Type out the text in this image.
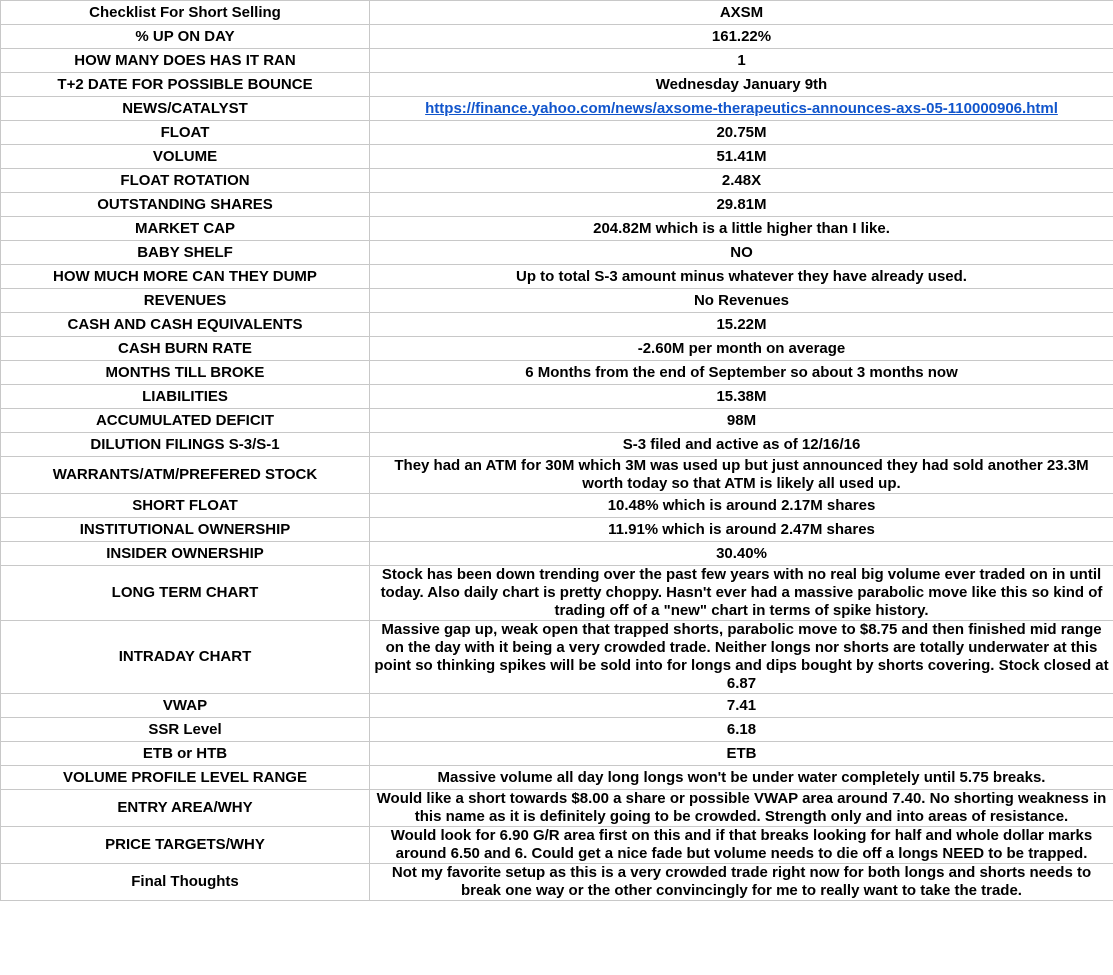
Checklist For Short Selling	AXSM
% UP ON DAY	161.22%
HOW MANY DOES HAS IT RAN	1
T+2 DATE FOR POSSIBLE BOUNCE	Wednesday January 9th
NEWS/CATALYST	https://finance.yahoo.com/news/axsome-therapeutics-announces-axs-05-110000906.html
FLOAT	20.75M
VOLUME	51.41M
FLOAT ROTATION	2.48X
OUTSTANDING SHARES	29.81M
MARKET CAP	204.82M which is a little higher than I like.
BABY SHELF	NO
HOW MUCH MORE CAN THEY DUMP	Up to total S-3 amount minus whatever they have already used.
REVENUES	No Revenues
CASH AND CASH EQUIVALENTS	15.22M
CASH BURN RATE	-2.60M per month on average
MONTHS TILL BROKE	6 Months from the end of September so about 3 months now
LIABILITIES	15.38M
ACCUMULATED DEFICIT	98M
DILUTION FILINGS S-3/S-1	S-3 filed and active as of 12/16/16
WARRANTS/ATM/PREFERED STOCK	They had an ATM for 30M which 3M was used up but just announced they had sold another 23.3M worth today so that ATM is likely all used up.
SHORT FLOAT	10.48% which is around 2.17M shares
INSTITUTIONAL OWNERSHIP	11.91% which is around 2.47M shares
INSIDER OWNERSHIP	30.40%
LONG TERM CHART	Stock has been down trending over the past few years with no real big volume ever traded on in until today. Also daily chart is pretty choppy. Hasn't ever had a massive parabolic move like this so kind of trading off of a "new" chart in terms of spike history.
INTRADAY CHART	Massive gap up, weak open that trapped shorts, parabolic move to $8.75 and then finished mid range on the day with it being a very crowded trade. Neither longs nor shorts are totally underwater at this point so thinking spikes will be sold into for longs and dips bought by shorts covering. Stock closed at 6.87
VWAP	7.41
SSR Level	6.18
ETB or HTB	ETB
VOLUME PROFILE LEVEL RANGE	Massive volume all day long longs won't be under water completely until 5.75 breaks.
ENTRY AREA/WHY	Would like a short towards $8.00 a share or possible VWAP area around 7.40. No shorting weakness in this name as it is definitely going to be crowded. Strength only and into areas of resistance.
PRICE TARGETS/WHY	Would look for 6.90 G/R area first on this and if that breaks looking for half and whole dollar marks around 6.50 and 6. Could get a nice fade but volume needs to die off a longs NEED to be trapped.
Final Thoughts	Not my favorite setup as this is a very crowded trade right now for both longs and shorts needs to break one way or the other convincingly for me to really want to take the trade.
